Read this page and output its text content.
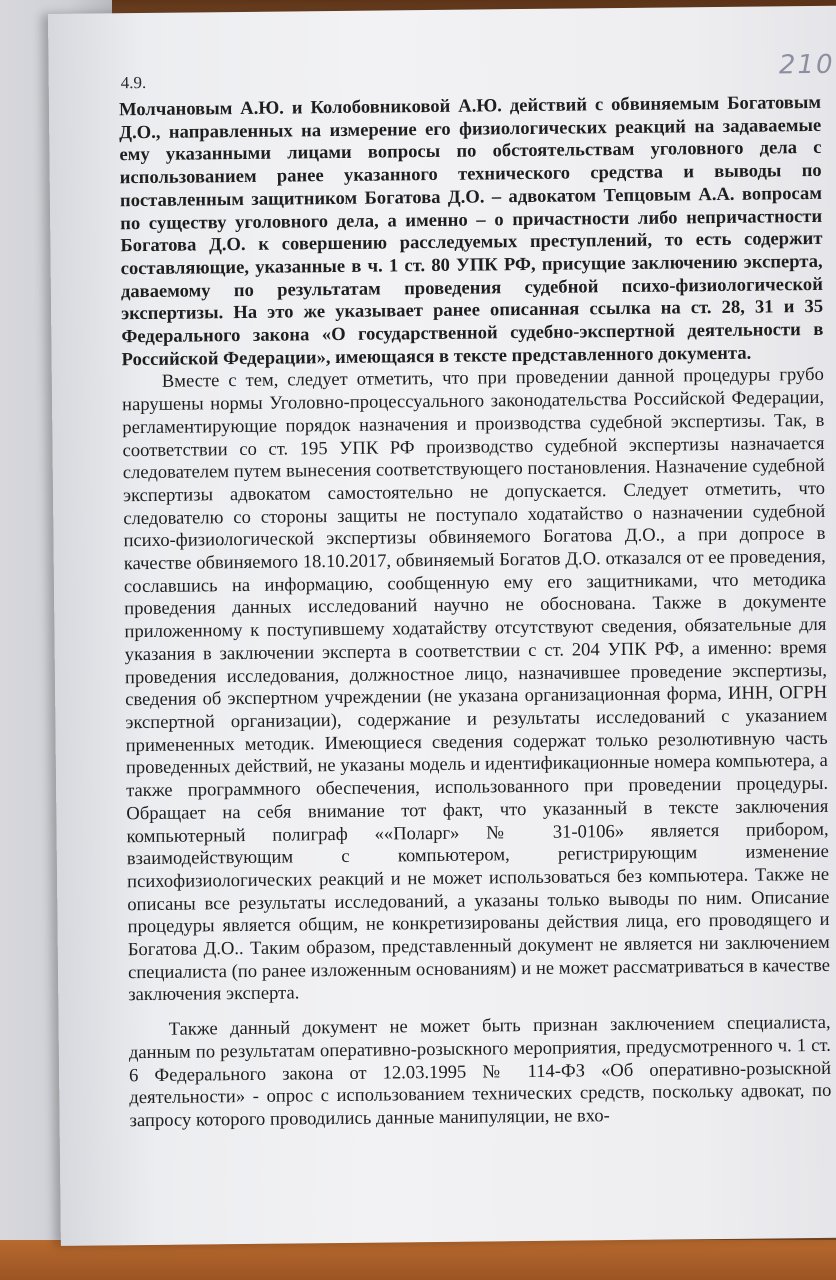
210
4.9.

Молчановым А.Ю. и Колобовниковой А.Ю. действий с обвиняемым Богатовым Д.О., направленных на измерение его физиологических реакций на задаваемые ему указанными лицами вопросы по обстоятельствам уголовного дела с использованием ранее указанного технического средства и выводы по поставленным защитником Богатова Д.О. – адвокатом Тепцовым А.А. вопросам по существу уголовного дела, а именно – о причастности либо непричастности Богатова Д.О. к совершению расследуемых преступлений, то есть содержит составляющие, указанные в ч. 1 ст. 80 УПК РФ, присущие заключению эксперта, даваемому по результатам проведения судебной психо-физиологической экспертизы. На это же указывает ранее описанная ссылка на ст. 28, 31 и 35 Федерального закона «О государственной судебно-экспертной деятельности в Российской Федерации», имеющаяся в тексте представленного документа.

Вместе с тем, следует отметить, что при проведении данной процедуры грубо нарушены нормы Уголовно-процессуального законодательства Российской Федерации, регламентирующие порядок назначения и производства судебной экспертизы. Так, в соответствии со ст. 195 УПК РФ производство судебной экспертизы назначается следователем путем вынесения соответствующего постановления. Назначение судебной экспертизы адвокатом самостоятельно не допускается. Следует отметить, что следователю со стороны защиты не поступало ходатайство о назначении судебной психо-физиологической экспертизы обвиняемого Богатова Д.О., а при допросе в качестве обвиняемого 18.10.2017, обвиняемый Богатов Д.О. отказался от ее проведения, сославшись на информацию, сообщенную ему его защитниками, что методика проведения данных исследований научно не обоснована. Также в документе приложенному к поступившему ходатайству отсутствуют сведения, обязательные для указания в заключении эксперта в соответствии с ст. 204 УПК РФ, а именно: время проведения исследования, должностное лицо, назначившее проведение экспертизы, сведения об экспертном учреждении (не указана организационная форма, ИНН, ОГРН экспертной организации), содержание и результаты исследований с указанием примененных методик. Имеющиеся сведения содержат только резолютивную часть проведенных действий, не указаны модель и идентификационные номера компьютера, а также программного обеспечения, использованного при проведении процедуры. Обращает на себя внимание тот факт, что указанный в тексте заключения компьютерный полиграф ««Поларг» № 31-0106» является прибором, взаимодействующим с компьютером, регистрирующим изменение психофизиологических реакций и не может использоваться без компьютера. Также не описаны все результаты исследований, а указаны только выводы по ним. Описание процедуры является общим, не конкретизированы действия лица, его проводящего и Богатова Д.О.. Таким образом, представленный документ не является ни заключением специалиста (по ранее изложенным основаниям) и не может рассматриваться в качестве заключения эксперта.

Также данный документ не может быть признан заключением специалиста, данным по результатам оперативно-розыскного мероприятия, предусмотренного ч. 1 ст. 6 Федерального закона от 12.03.1995 № 114-ФЗ «Об оперативно-розыскной деятельности» - опрос с использованием технических средств, поскольку адвокат, по запросу которого проводились данные манипуляции, не вхо-
